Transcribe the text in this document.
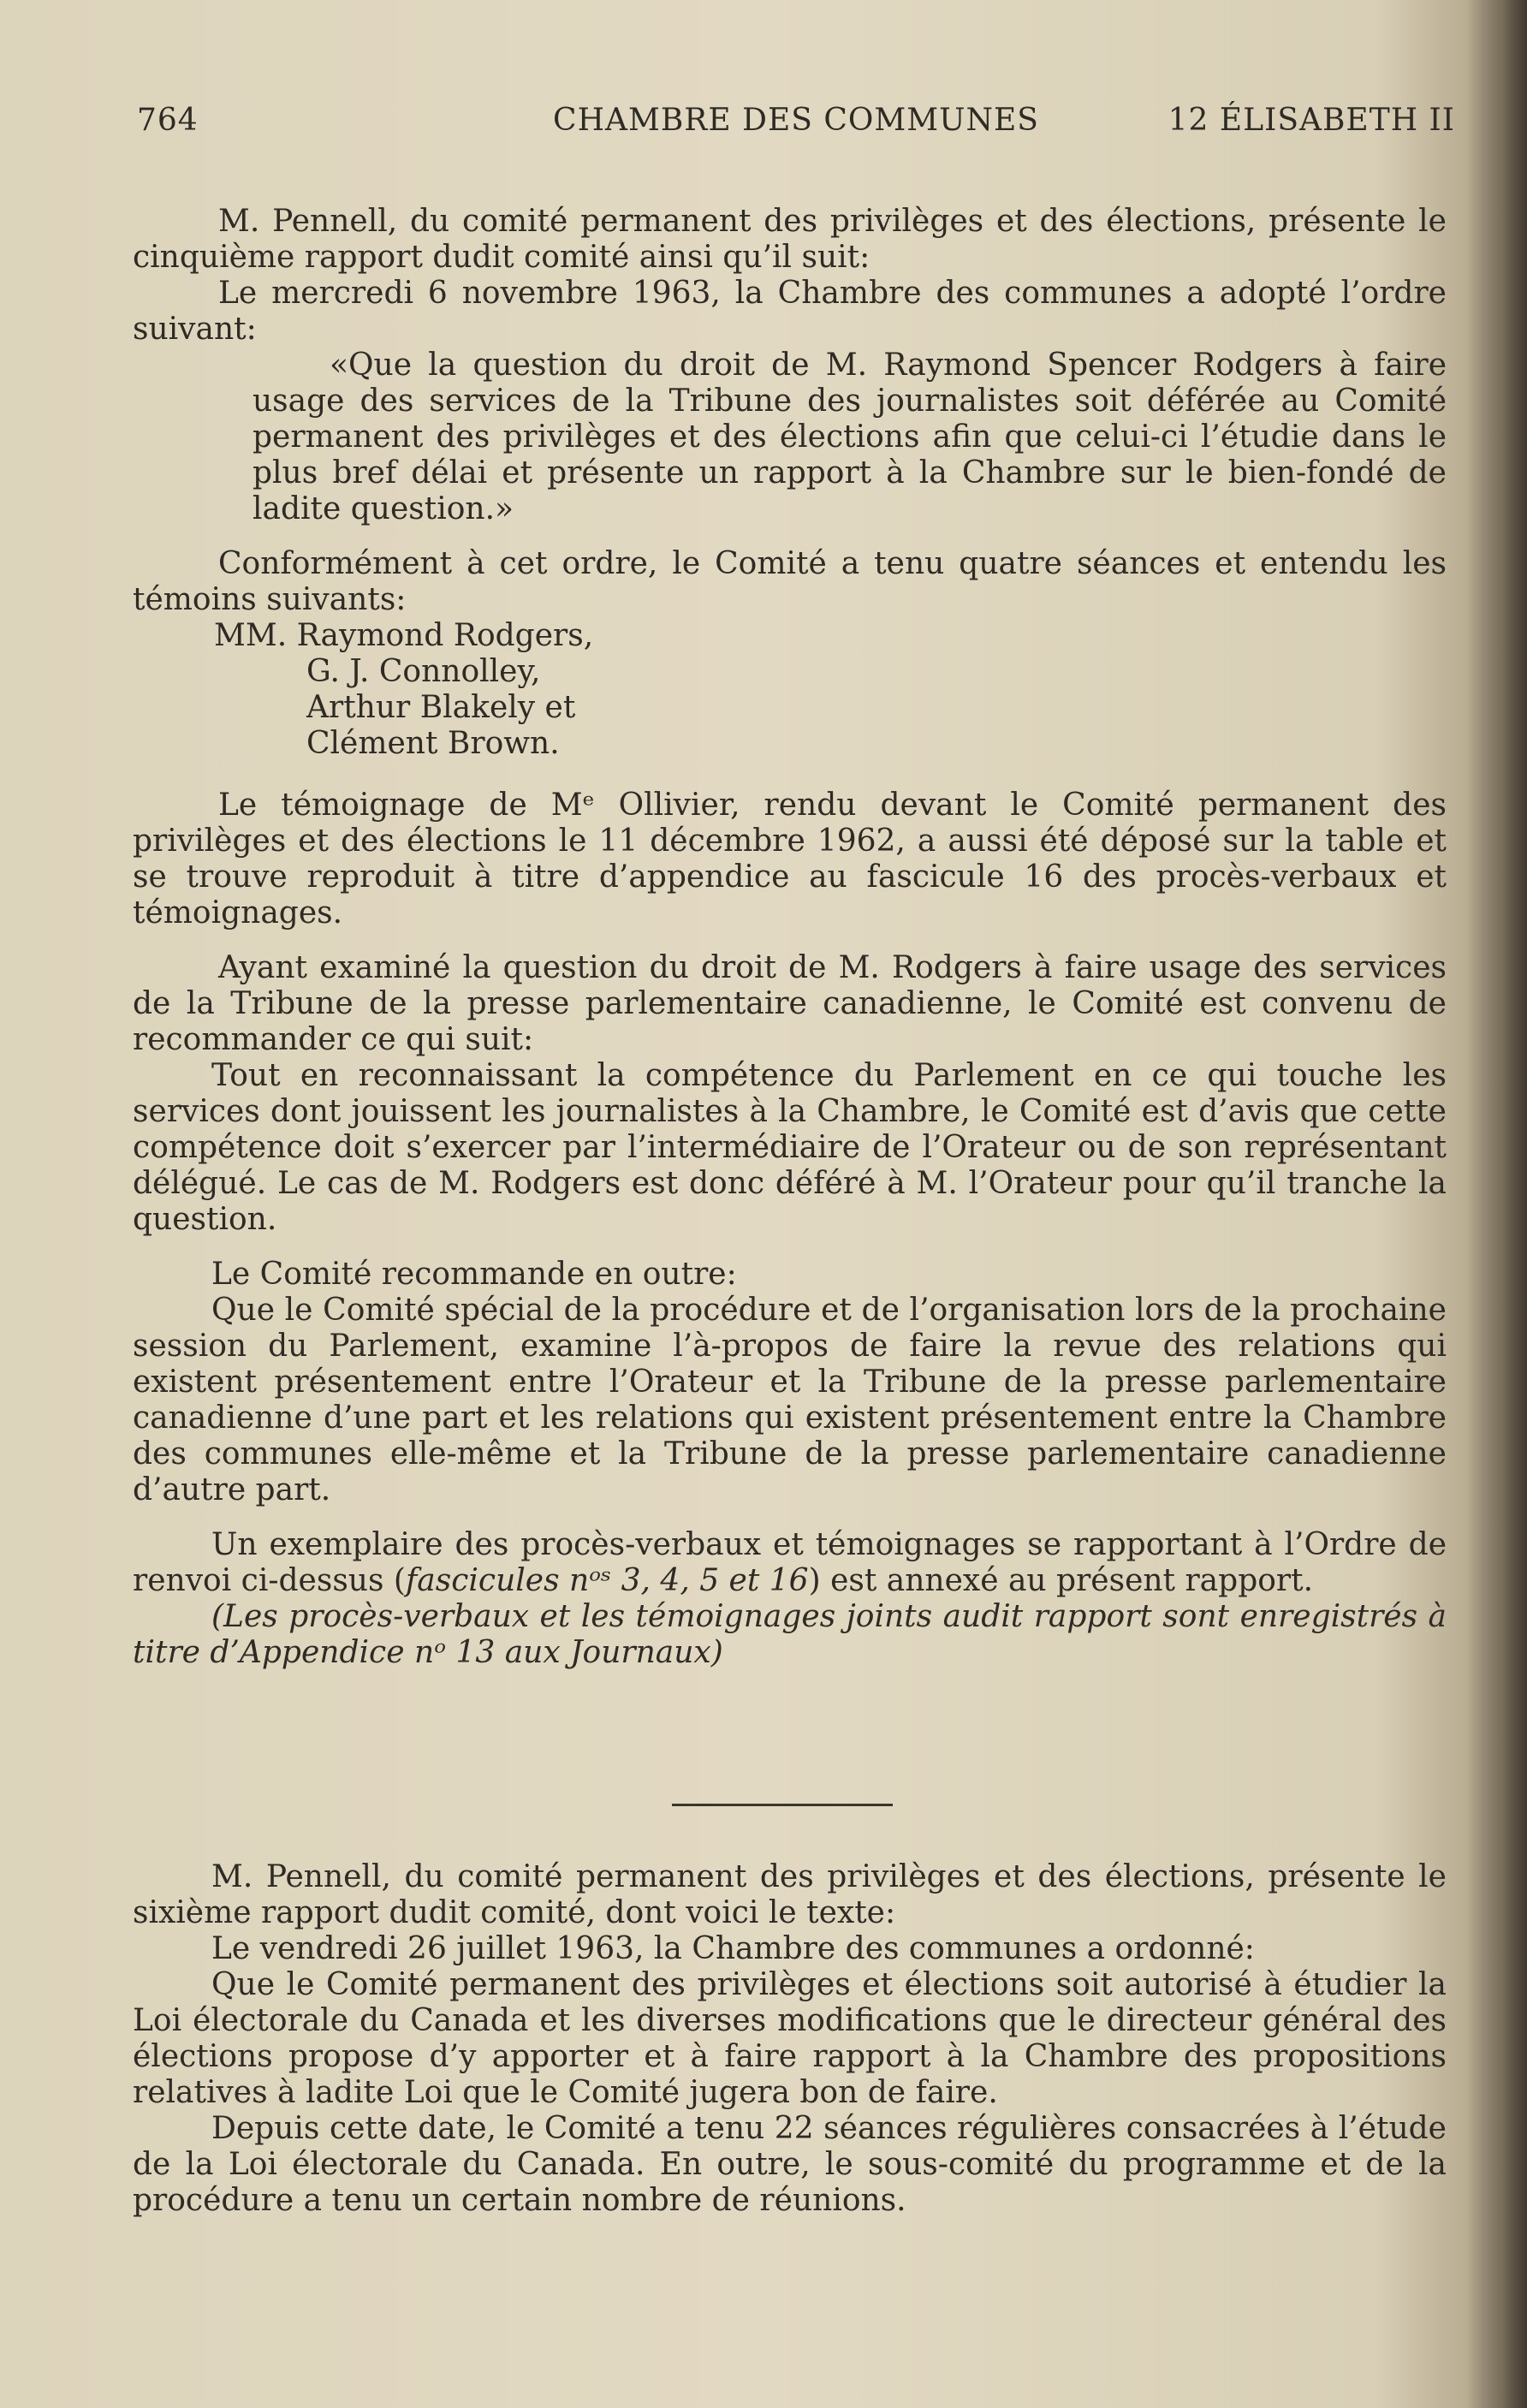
764	CHAMBRE DES COMMUNES	12 ÉLISABETH II

M. Pennell, du comité permanent des privilèges et des élections, présente le cinquième rapport dudit comité ainsi qu’il suit:

Le mercredi 6 novembre 1963, la Chambre des communes a adopté l’ordre suivant:

«Que la question du droit de M. Raymond Spencer Rodgers à faire usage des services de la Tribune des journalistes soit déférée au Comité permanent des privilèges et des élections afin que celui-ci l’étudie dans le plus bref délai et présente un rapport à la Chambre sur le bien-fondé de ladite question.»

Conformément à cet ordre, le Comité a tenu quatre séances et entendu les témoins suivants:

MM. Raymond Rodgers,
G. J. Connolley,
Arthur Blakely et
Clément Brown.

Le témoignage de Mᵉ Ollivier, rendu devant le Comité permanent des privilèges et des élections le 11 décembre 1962, a aussi été déposé sur la table et se trouve reproduit à titre d’appendice au fascicule 16 des procès-verbaux et témoignages.

Ayant examiné la question du droit de M. Rodgers à faire usage des services de la Tribune de la presse parlementaire canadienne, le Comité est convenu de recommander ce qui suit:

Tout en reconnaissant la compétence du Parlement en ce qui touche les services dont jouissent les journalistes à la Chambre, le Comité est d’avis que cette compétence doit s’exercer par l’intermédiaire de l’Orateur ou de son représentant délégué. Le cas de M. Rodgers est donc déféré à M. l’Orateur pour qu’il tranche la question.

Le Comité recommande en outre:

Que le Comité spécial de la procédure et de l’organisation lors de la prochaine session du Parlement, examine l’à-propos de faire la revue des relations qui existent présentement entre l’Orateur et la Tribune de la presse parlementaire canadienne d’une part et les relations qui existent présentement entre la Chambre des communes elle-même et la Tribune de la presse parlementaire canadienne d’autre part.

Un exemplaire des procès-verbaux et témoignages se rapportant à l’Ordre de renvoi ci-dessus (fascicules nᵒˢ 3, 4, 5 et 16) est annexé au présent rapport.

(Les procès-verbaux et les témoignages joints audit rapport sont enregistrés à titre d’Appendice nᵒ 13 aux Journaux)

M. Pennell, du comité permanent des privilèges et des élections, présente le sixième rapport dudit comité, dont voici le texte:

Le vendredi 26 juillet 1963, la Chambre des communes a ordonné:

Que le Comité permanent des privilèges et élections soit autorisé à étudier la Loi électorale du Canada et les diverses modifications que le directeur général des élections propose d’y apporter et à faire rapport à la Chambre des propositions relatives à ladite Loi que le Comité jugera bon de faire.

Depuis cette date, le Comité a tenu 22 séances régulières consacrées à l’étude de la Loi électorale du Canada. En outre, le sous-comité du programme et de la procédure a tenu un certain nombre de réunions.
